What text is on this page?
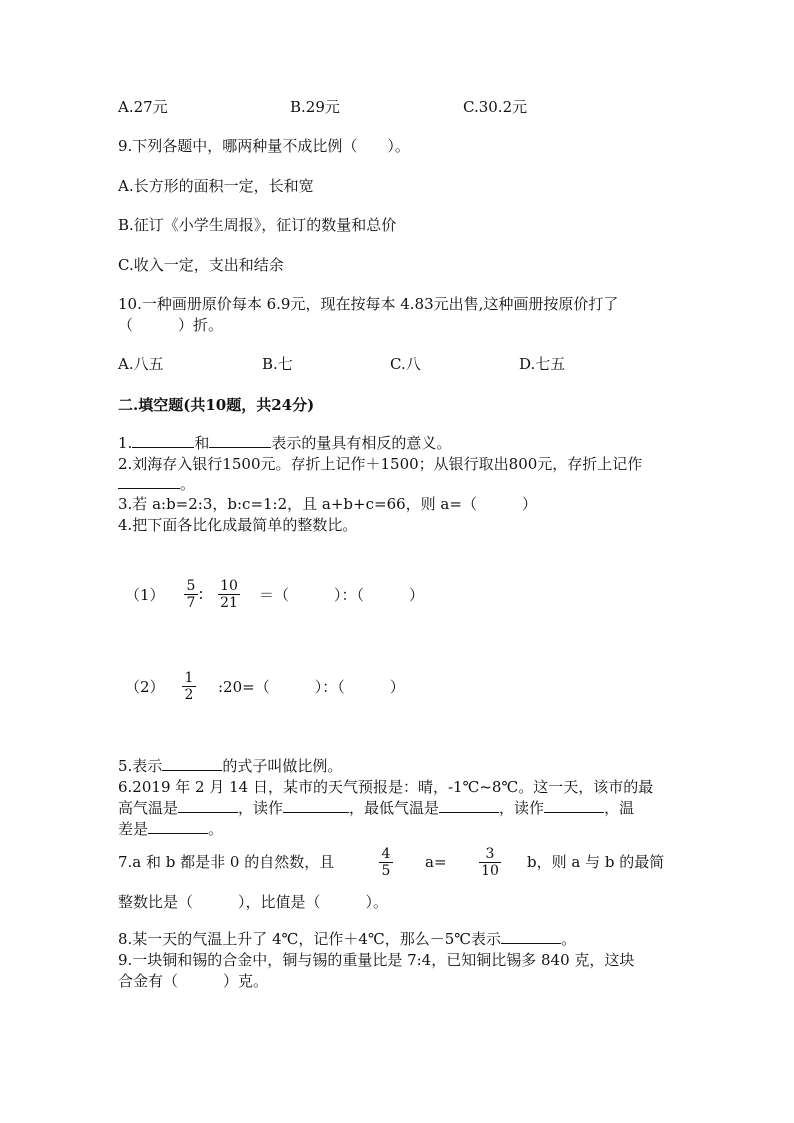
A.27元	B.29元	C.30.2元
9.下列各题中，哪两种量不成比例（　　）。
A.长方形的面积一定，长和宽
B.征订《小学生周报》，征订的数量和总价
C.收入一定，支出和结余
10.一种画册原价每本 6.9元，现在按每本 4.83元出售,这种画册按原价打了
（　　　）折。
A.八五	B.七	C.八	D.七五
二.填空题(共10题，共24分)
1.	和	表示的量具有相反的意义。
2.刘海存入银行1500元。存折上记作＋1500；从银行取出800元，存折上记作
。
3.若 a:b=2:3，b:c=1:2，且 a+b+c=66，则 a=（　　　）
4.把下面各比化成最简单的整数比。
$(1) \frac{5}{7}$ ∶ $\frac{10}{21}$ ＝（　　　）：（　　　）
$(2) \frac{1}{2}$ :20=（　　　）：（　　　）
5.表示	的式子叫做比例。
6.2019 年 2 月 14 日，某市的天气预报是：晴，-1℃~8℃。这一天，该市的最
高气温是	，读作	，最低气温是	，读作	，温
差是	。
7.a 和 b 都是非 0 的自然数，且	$\frac{4}{5} a= \frac{3}{10}$ b，则 a 与 b 的最简
整数比是（　　　），比值是（　　　）。
8.某一天的气温上升了 4℃，记作＋4℃，那么－5℃表示	。
9.一块铜和锡的合金中，铜与锡的重量比是 7:4，已知铜比锡多 840 克，这块
合金有（　　　）克。
